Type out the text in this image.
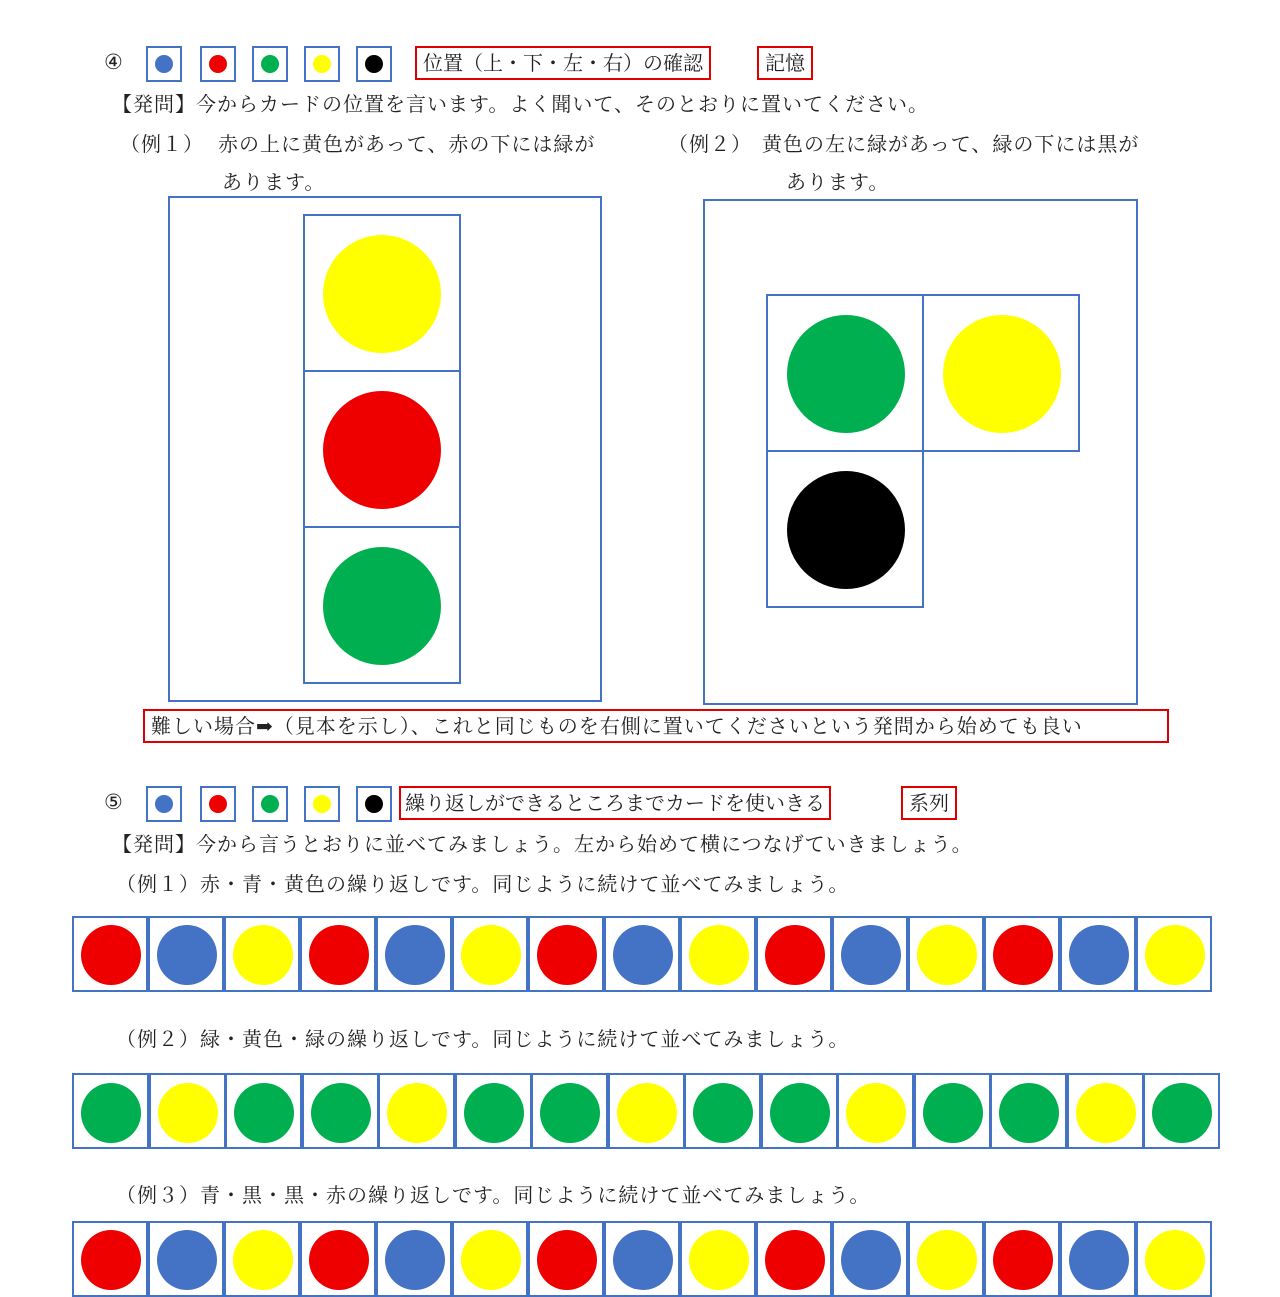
④	位置（上・下・左・右）の確認	記憶
【発問】今からカードの位置を言います。よく聞いて、そのとおりに置いてください。
（例１） 赤の上に黄色があって、赤の下には緑が
あります。
（例２） 黄色の左に緑があって、緑の下には黒が
あります。
難しい場合➡（見本を示し）、これと同じものを右側に置いてくださいという発問から始めても良い
⑤	繰り返しができるところまでカードを使いきる	系列
【発問】今から言うとおりに並べてみましょう。左から始めて横につなげていきましょう。
（例１）赤・青・黄色の繰り返しです。同じように続けて並べてみましょう。
（例２）緑・黄色・緑の繰り返しです。同じように続けて並べてみましょう。
（例３）青・黒・黒・赤の繰り返しです。同じように続けて並べてみましょう。
